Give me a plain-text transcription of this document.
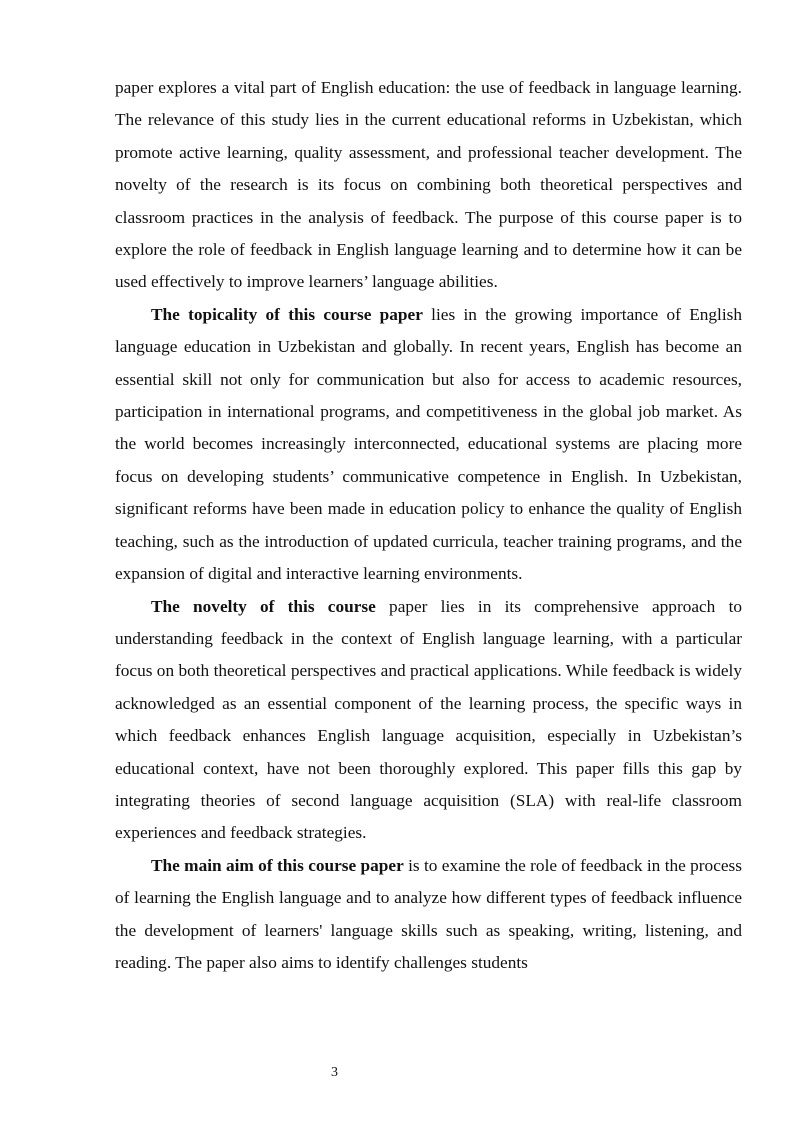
paper explores a vital part of English education: the use of feedback in language learning. The relevance of this study lies in the current educational reforms in Uzbekistan, which promote active learning, quality assessment, and professional teacher development. The novelty of the research is its focus on combining both theoretical perspectives and classroom practices in the analysis of feedback. The purpose of this course paper is to explore the role of feedback in English language learning and to determine how it can be used effectively to improve learners’ language abilities.

The topicality of this course paper lies in the growing importance of English language education in Uzbekistan and globally. In recent years, English has become an essential skill not only for communication but also for access to academic resources, participation in international programs, and competitiveness in the global job market. As the world becomes increasingly interconnected, educational systems are placing more focus on developing students’ communicative competence in English. In Uzbekistan, significant reforms have been made in education policy to enhance the quality of English teaching, such as the introduction of updated curricula, teacher training programs, and the expansion of digital and interactive learning environments.

The novelty of this course paper lies in its comprehensive approach to understanding feedback in the context of English language learning, with a particular focus on both theoretical perspectives and practical applications. While feedback is widely acknowledged as an essential component of the learning process, the specific ways in which feedback enhances English language acquisition, especially in Uzbekistan’s educational context, have not been thoroughly explored. This paper fills this gap by integrating theories of second language acquisition (SLA) with real-life classroom experiences and feedback strategies.

The main aim of this course paper is to examine the role of feedback in the process of learning the English language and to analyze how different types of feedback influence the development of learners' language skills such as speaking, writing, listening, and reading. The paper also aims to identify challenges students

3
